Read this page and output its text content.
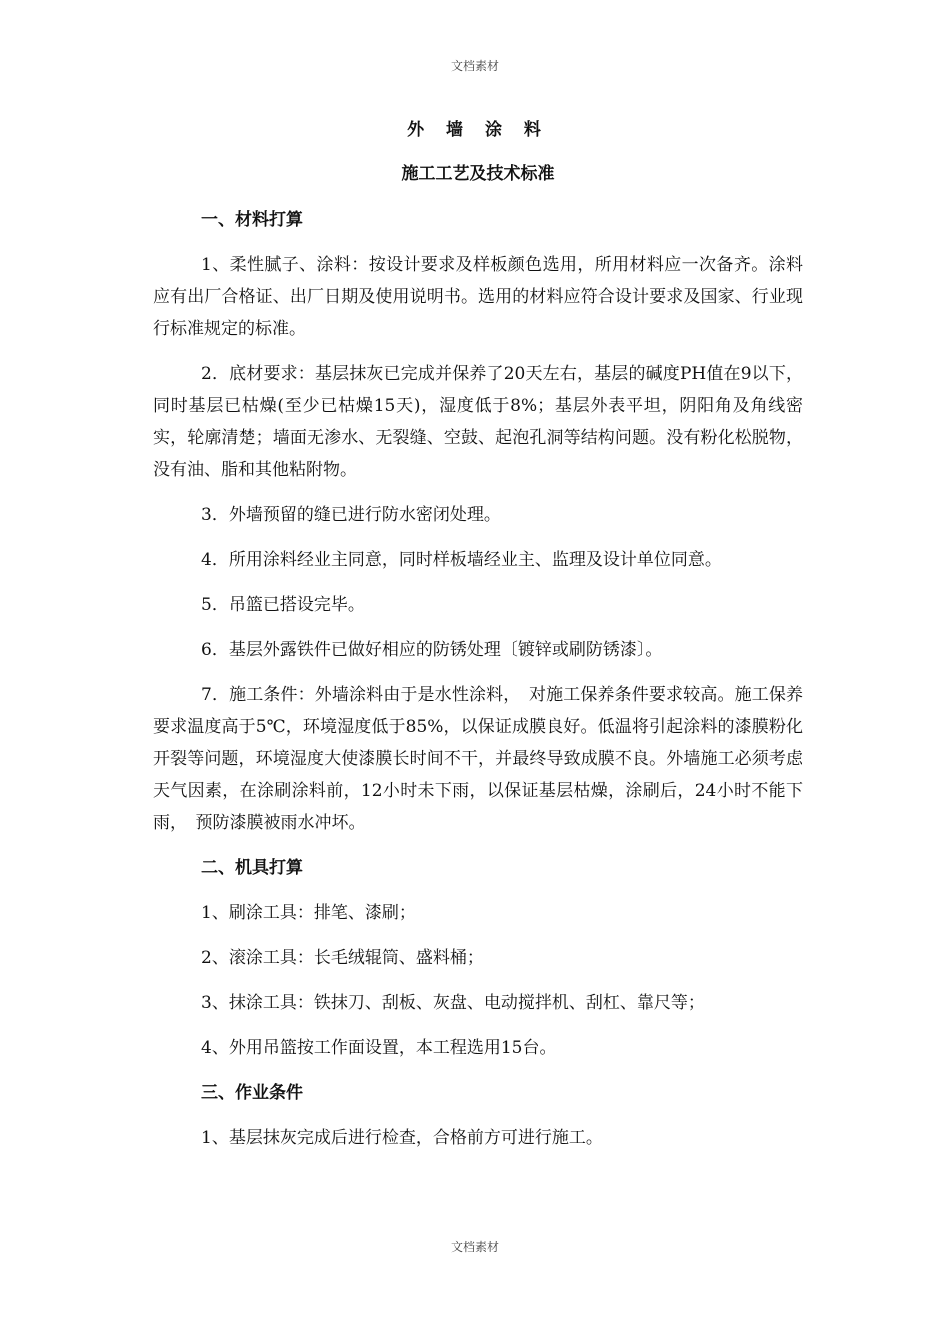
文档素材

外 墙 涂 料

施工工艺及技术标准

一、材料打算

1、柔性腻子、涂料：按设计要求及样板颜色选用，所用材料应一次备齐。涂料应有出厂合格证、出厂日期及使用说明书。选用的材料应符合设计要求及国家、行业现行标准规定的标准。

2．底材要求：基层抹灰已完成并保养了20天左右，基层的碱度PH值在9以下，同时基层已枯燥(至少已枯燥15天)，湿度低于8%；基层外表平坦，阴阳角及角线密实，轮廓清楚；墙面无渗水、无裂缝、空鼓、起泡孔洞等结构问题。没有粉化松脱物，没有油、脂和其他粘附物。

3．外墙预留的缝已进行防水密闭处理。

4．所用涂料经业主同意，同时样板墙经业主、监理及设计单位同意。

5．吊篮已搭设完毕。

6．基层外露铁件已做好相应的防锈处理〔镀锌或刷防锈漆〕。

7．施工条件：外墙涂料由于是水性涂料，　对施工保养条件要求较高。施工保养要求温度高于5℃，环境湿度低于85%，以保证成膜良好。低温将引起涂料的漆膜粉化开裂等问题，环境湿度大使漆膜长时间不干，并最终导致成膜不良。外墙施工必须考虑天气因素，在涂刷涂料前，12小时未下雨，以保证基层枯燥，涂刷后，24小时不能下雨，　预防漆膜被雨水冲坏。

二、机具打算

1、刷涂工具：排笔、漆刷；

2、滚涂工具：长毛绒辊筒、盛料桶；

3、抹涂工具：铁抹刀、刮板、灰盘、电动搅拌机、刮杠、靠尺等；

4、外用吊篮按工作面设置，本工程选用15台。

三、作业条件

1、基层抹灰完成后进行检查，合格前方可进行施工。

文档素材
